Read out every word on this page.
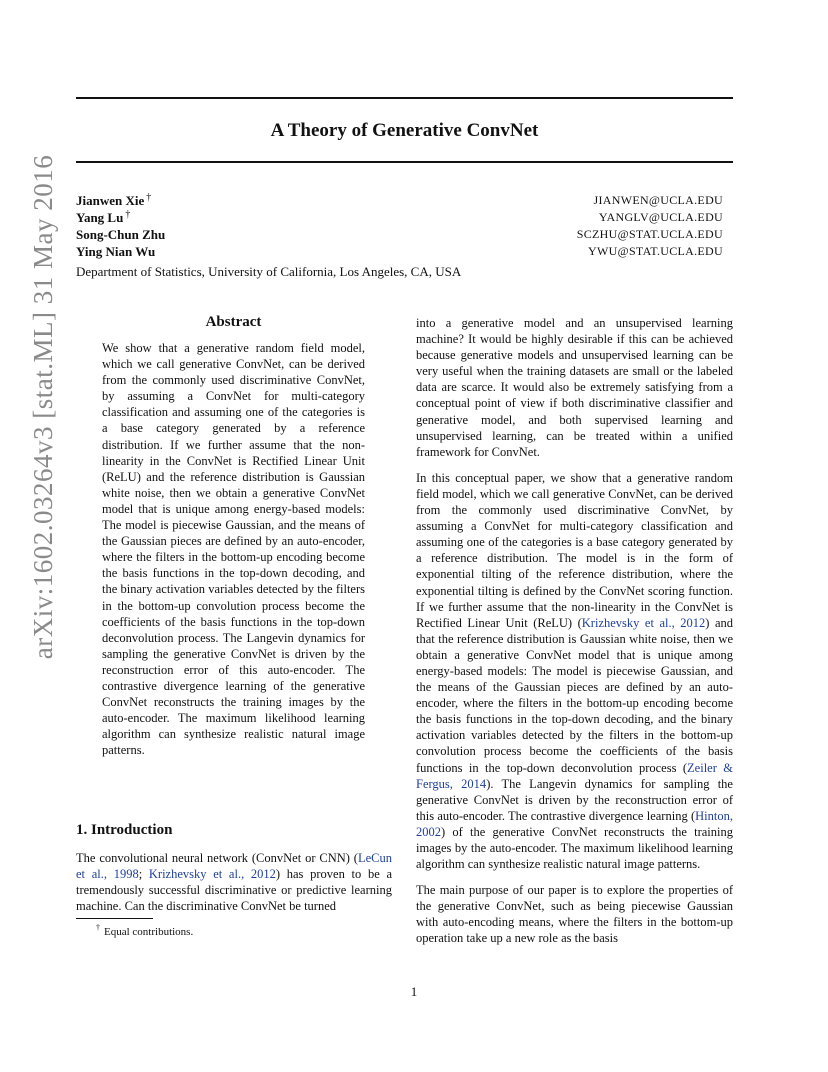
A Theory of Generative ConvNet
Jianwen Xie †	JIANWEN@UCLA.EDU
Yang Lu †	YANGLV@UCLA.EDU
Song-Chun Zhu	SCZHU@STAT.UCLA.EDU
Ying Nian Wu	YWU@STAT.UCLA.EDU
Department of Statistics, University of California, Los Angeles, CA, USA
arXiv:1602.03264v3 [stat.ML] 31 May 2016	Abstract
We show that a generative random field model, which we call generative ConvNet, can be derived from the commonly used discriminative ConvNet, by assuming a ConvNet for multi-category classification and assuming one of the categories is a base category generated by a reference distribution. If we further assume that the non-linearity in the ConvNet is Rectified Linear Unit (ReLU) and the reference distribution is Gaussian white noise, then we obtain a generative ConvNet model that is unique among energy-based models: The model is piecewise Gaussian, and the means of the Gaussian pieces are defined by an auto-encoder, where the filters in the bottom-up encoding become the basis functions in the top-down decoding, and the binary activation variables detected by the filters in the bottom-up convolution process become the coefficients of the basis functions in the top-down deconvolution process. The Langevin dynamics for sampling the generative ConvNet is driven by the reconstruction error of this auto-encoder. The contrastive divergence learning of the generative ConvNet reconstructs the training images by the auto-encoder. The maximum likelihood learning algorithm can synthesize realistic natural image patterns.
1. Introduction
The convolutional neural network (ConvNet or CNN) (LeCun et al., 1998; Krizhevsky et al., 2012) has proven to be a tremendously successful discriminative or predictive learning machine. Can the discriminative ConvNet be turned
† Equal contributions.

into a generative model and an unsupervised learning machine? It would be highly desirable if this can be achieved because generative models and unsupervised learning can be very useful when the training datasets are small or the labeled data are scarce. It would also be extremely satisfying from a conceptual point of view if both discriminative classifier and generative model, and both supervised learning and unsupervised learning, can be treated within a unified framework for ConvNet.

In this conceptual paper, we show that a generative random field model, which we call generative ConvNet, can be derived from the commonly used discriminative ConvNet, by assuming a ConvNet for multi-category classification and assuming one of the categories is a base category generated by a reference distribution. The model is in the form of exponential tilting of the reference distribution, where the exponential tilting is defined by the ConvNet scoring function. If we further assume that the non-linearity in the ConvNet is Rectified Linear Unit (ReLU) (Krizhevsky et al., 2012) and that the reference distribution is Gaussian white noise, then we obtain a generative ConvNet model that is unique among energy-based models: The model is piecewise Gaussian, and the means of the Gaussian pieces are defined by an auto-encoder, where the filters in the bottom-up encoding become the basis functions in the top-down decoding, and the binary activation variables detected by the filters in the bottom-up convolution process become the coefficients of the basis functions in the top-down deconvolution process (Zeiler & Fergus, 2014). The Langevin dynamics for sampling the generative ConvNet is driven by the reconstruction error of this auto-encoder. The contrastive divergence learning (Hinton, 2002) of the generative ConvNet reconstructs the training images by the auto-encoder. The maximum likelihood learning algorithm can synthesize realistic natural image patterns.

The main purpose of our paper is to explore the properties of the generative ConvNet, such as being piecewise Gaussian with auto-encoding means, where the filters in the bottom-up operation take up a new role as the basis

1
